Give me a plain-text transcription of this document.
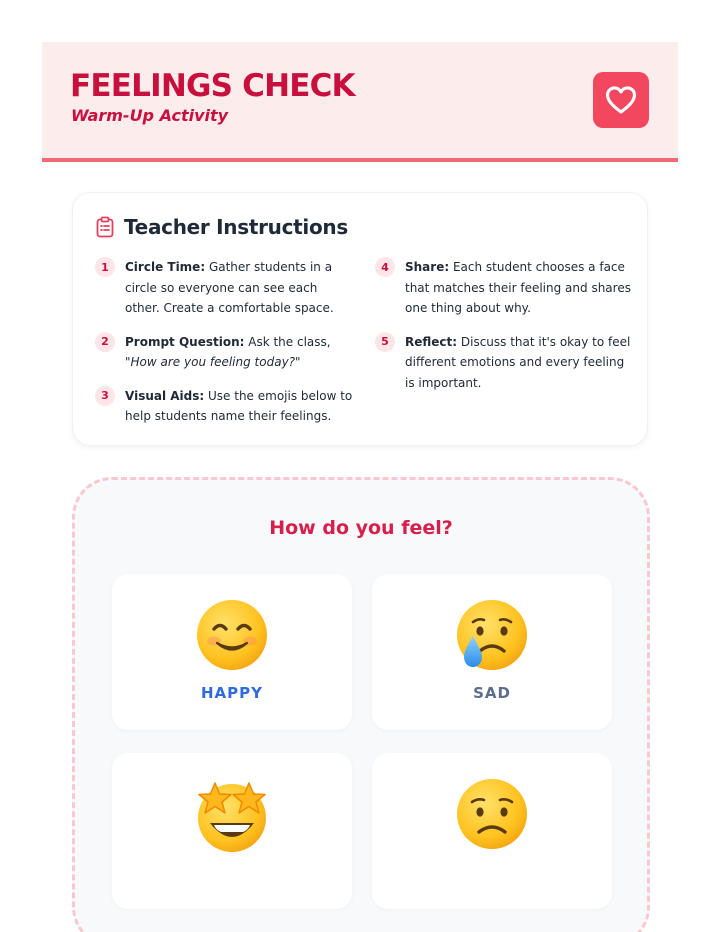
FEELINGS CHECK
Warm-Up Activity
Teacher Instructions
1	Circle Time: Gather students in a circle so everyone can see each other. Create a comfortable space.
2	Prompt Question: Ask the class, "How are you feeling today?"
3	Visual Aids: Use the emojis below to help students name their feelings.
4	Share: Each student chooses a face that matches their feeling and shares one thing about why.
5	Reflect: Discuss that it's okay to feel different emotions and every feeling is important.
How do you feel?
HAPPY	SAD
